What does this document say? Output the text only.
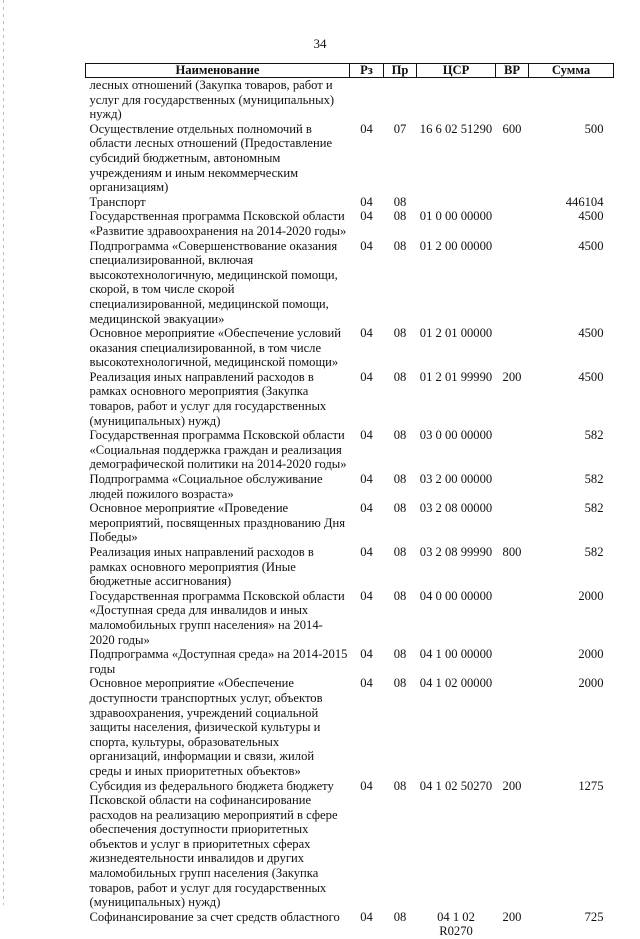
34
Наименование	Рз	Пр	ЦСР	ВР	Сумма
лесных отношений (Закупка товаров, работ и услуг для государственных (муниципальных) нужд)					
Осуществление отдельных полномочий в области лесных отношений (Предоставление субсидий бюджетным, автономным учреждениям и иным некоммерческим организациям)	04	07	16 6 02 51290	600	500
Транспорт	04	08			446104
Государственная программа Псковской области «Развитие здравоохранения на 2014-2020 годы»	04	08	01 0 00 00000		4500
Подпрограмма «Совершенствование оказания специализированной, включая высокотехнологичную, медицинской помощи, скорой, в том числе скорой специализированной, медицинской помощи, медицинской эвакуации»	04	08	01 2 00 00000		4500
Основное мероприятие «Обеспечение условий оказания специализированной, в том числе высокотехнологичной, медицинской помощи»	04	08	01 2 01 00000		4500
Реализация иных направлений расходов в рамках основного мероприятия (Закупка товаров, работ и услуг для государственных (муниципальных) нужд)	04	08	01 2 01 99990	200	4500
Государственная программа Псковской области «Социальная поддержка граждан и реализация демографической политики на 2014-2020 годы»	04	08	03 0 00 00000		582
Подпрограмма «Социальное обслуживание людей пожилого возраста»	04	08	03 2 00 00000		582
Основное мероприятие «Проведение мероприятий, посвященных празднованию Дня Победы»	04	08	03 2 08 00000		582
Реализация иных направлений расходов в рамках основного мероприятия (Иные бюджетные ассигнования)	04	08	03 2 08 99990	800	582
Государственная программа Псковской области «Доступная среда для инвалидов и иных маломобильных групп населения» на 2014-2020 годы»	04	08	04 0 00 00000		2000
Подпрограмма «Доступная среда» на 2014-2015 годы	04	08	04 1 00 00000		2000
Основное мероприятие «Обеспечение доступности транспортных услуг, объектов здравоохранения, учреждений социальной защиты населения, физической культуры и спорта, культуры, образовательных организаций, информации и связи, жилой среды и иных приоритетных объектов»	04	08	04 1 02 00000		2000
Субсидия из федерального бюджета бюджету Псковской области на софинансирование расходов на реализацию мероприятий в сфере обеспечения доступности приоритетных объектов и услуг в приоритетных сферах жизнедеятельности инвалидов и других маломобильных групп населения (Закупка товаров, работ и услуг для государственных (муниципальных) нужд)	04	08	04 1 02 50270	200	1275
Софинансирование за счет средств областного	04	08	04 1 02 R0270	200	725
